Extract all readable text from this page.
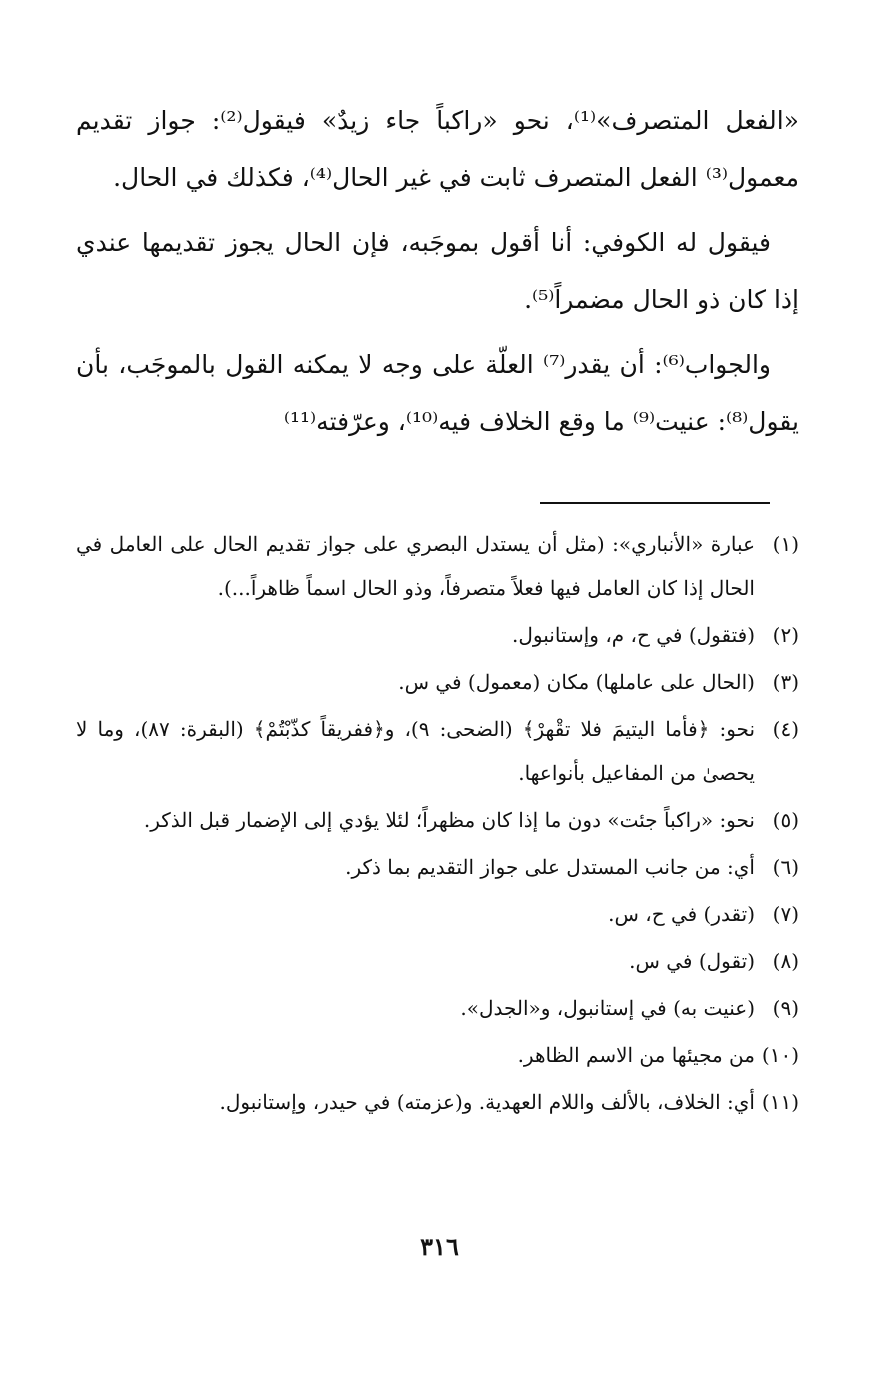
«الفعل المتصرف»⁽¹⁾، نحو «راكباً جاء زيدٌ» فيقول⁽²⁾: جواز تقديم معمول⁽³⁾ الفعل المتصرف ثابت في غير الحال⁽⁴⁾، فكذلك في الحال.

فيقول له الكوفي: أنا أقول بموجَبه، فإن الحال يجوز تقديمها عندي إذا كان ذو الحال مضمراً⁽⁵⁾.

والجواب⁽⁶⁾: أن يقدر⁽⁷⁾ العلّة على وجه لا يمكنه القول بالموجَب، بأن يقول⁽⁸⁾: عنيت⁽⁹⁾ ما وقع الخلاف فيه⁽¹⁰⁾، وعرّفته⁽¹¹⁾

(١)
عبارة «الأنباري»: (مثل أن يستدل البصري على جواز تقديم الحال على العامل في الحال إذا كان العامل فيها فعلاً متصرفاً، وذو الحال اسماً ظاهراً...).
(٢)
(فتقول) في ح، م، وإستانبول.
(٣)
(الحال على عاملها) مكان (معمول) في س.
(٤)
نحو: ﴿فأما اليتيمَ فلا تقْهرْ﴾ (الضحى: ٩)، و﴿ففريقاً كذّبْتُمْ﴾ (البقرة: ٨٧)، وما لا يحصىٰ من المفاعيل بأنواعها.
(٥)
نحو: «راكباً جئت» دون ما إذا كان مظهراً؛ لئلا يؤدي إلى الإضمار قبل الذكر.
(٦)
أي: من جانب المستدل على جواز التقديم بما ذكر.
(٧)
(تقدر) في ح، س.
(٨)
(تقول) في س.
(٩)
(عنيت به) في إستانبول، و«الجدل».
(١٠)
من مجيئها من الاسم الظاهر.
(١١)
أي: الخلاف، بالألف واللام العهدية. و(عزمته) في حيدر، وإستانبول.
٣١٦
